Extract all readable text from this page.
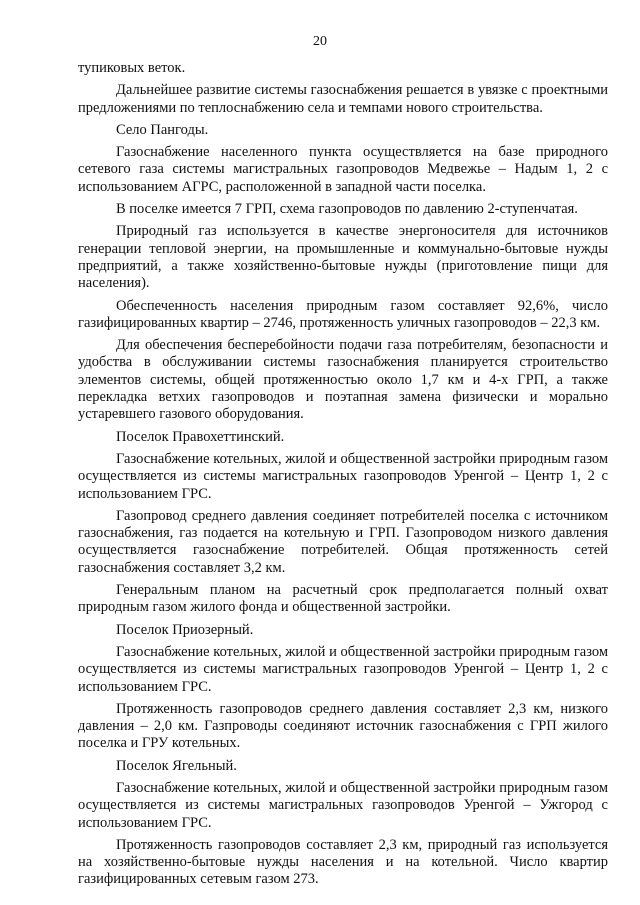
20

тупиковых веток.

Дальнейшее развитие системы газоснабжения решается в увязке с проектными предложениями по теплоснабжению села и темпами нового строительства.

Село Пангоды.

Газоснабжение населенного пункта осуществляется на базе природного сетевого газа системы магистральных газопроводов Медвежье – Надым 1, 2 с использованием АГРС, расположенной в западной части поселка.

В поселке имеется 7 ГРП, схема газопроводов по давлению 2-ступенчатая.

Природный газ используется в качестве энергоносителя для источников генерации тепловой энергии, на промышленные и коммунально-бытовые нужды предприятий, а также хозяйственно-бытовые нужды (приготовление пищи для населения).

Обеспеченность населения природным газом составляет 92,6%, число газифицированных квартир – 2746, протяженность уличных газопроводов – 22,3 км.

Для обеспечения бесперебойности подачи газа потребителям, безопасности и удобства в обслуживании системы газоснабжения планируется строительство элементов системы, общей протяженностью около 1,7 км и 4-х ГРП, а также перекладка ветхих газопроводов и поэтапная замена физически и морально устаревшего газового оборудования.

Поселок Правохеттинский.

Газоснабжение котельных, жилой и общественной застройки природным газом осуществляется из системы магистральных газопроводов Уренгой – Центр 1, 2 с использованием ГРС.

Газопровод среднего давления соединяет потребителей поселка с источником газоснабжения, газ подается на котельную и ГРП. Газопроводом низкого давления осуществляется газоснабжение потребителей. Общая протяженность сетей газоснабжения составляет 3,2 км.

Генеральным планом на расчетный срок предполагается полный охват природным газом жилого фонда и общественной застройки.

Поселок Приозерный.

Газоснабжение котельных, жилой и общественной застройки природным газом осуществляется из системы магистральных газопроводов Уренгой – Центр 1, 2 с использованием ГРС.

Протяженность газопроводов среднего давления составляет 2,3 км, низкого давления – 2,0 км. Газпроводы соединяют источник газоснабжения с ГРП жилого поселка и ГРУ котельных.

Поселок Ягельный.

Газоснабжение котельных, жилой и общественной застройки природным газом осуществляется из системы магистральных газопроводов Уренгой – Ужгород с использованием ГРС.

Протяженность газопроводов составляет 2,3 км, природный газ используется на хозяйственно-бытовые нужды населения и на котельной. Число квартир газифицированных сетевым газом 273.
